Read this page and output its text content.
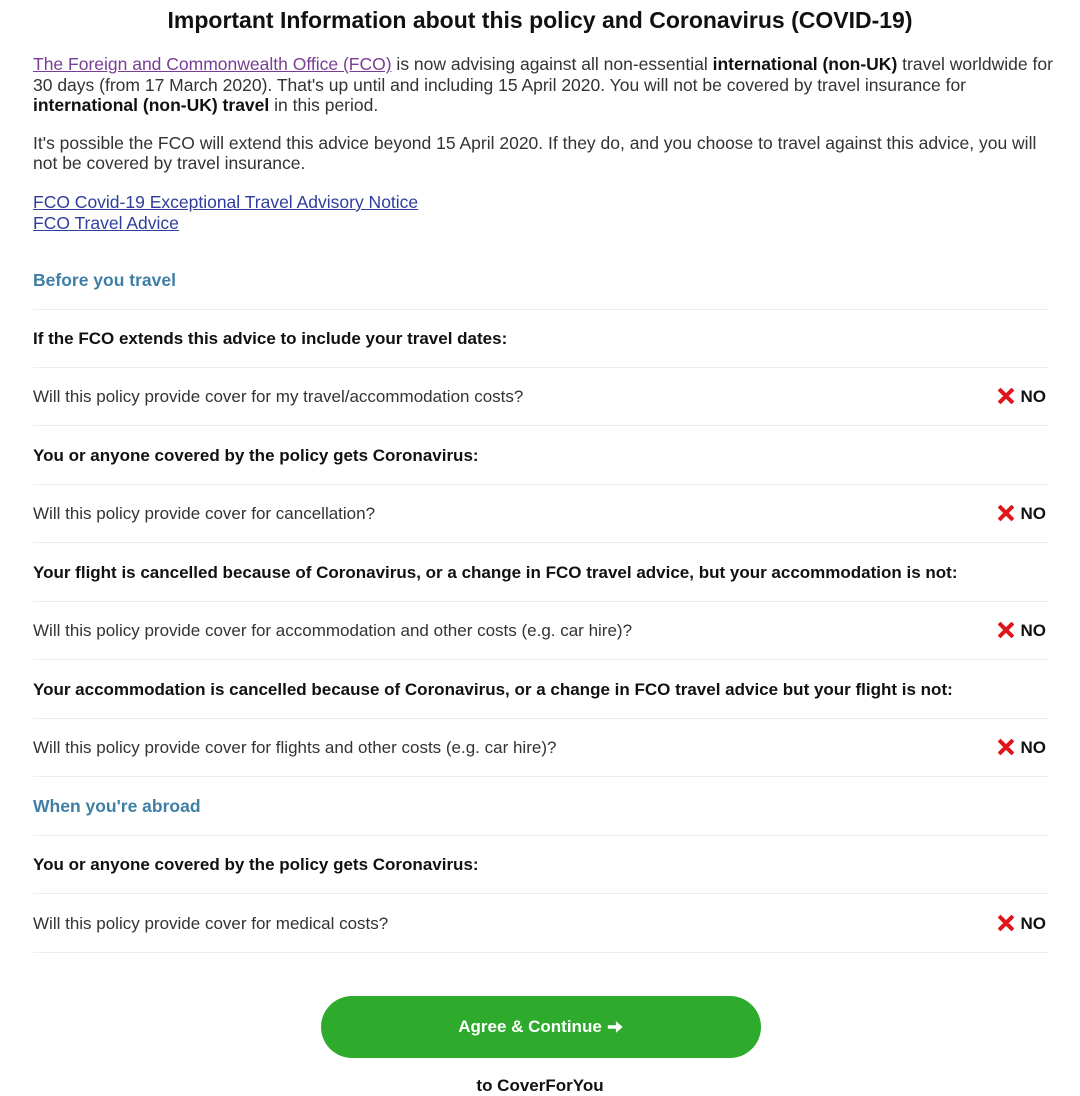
Important Information about this policy and Coronavirus (COVID-19)

The Foreign and Commonwealth Office (FCO) is now advising against all non-essential international (non-UK) travel worldwide for 30 days (from 17 March 2020). That's up until and including 15 April 2020. You will not be covered by travel insurance for international (non-UK) travel in this period.

It's possible the FCO will extend this advice beyond 15 April 2020. If they do, and you choose to travel against this advice, you will not be covered by travel insurance.

FCO Covid-19 Exceptional Travel Advisory Notice
FCO Travel Advice
Before you travel
If the FCO extends this advice to include your travel dates:
Will this policy provide cover for my travel/accommodation costs?	NO
You or anyone covered by the policy gets Coronavirus:
Will this policy provide cover for cancellation?	NO
Your flight is cancelled because of Coronavirus, or a change in FCO travel advice, but your accommodation is not:
Will this policy provide cover for accommodation and other costs (e.g. car hire)?	NO
Your accommodation is cancelled because of Coronavirus, or a change in FCO travel advice but your flight is not:
Will this policy provide cover for flights and other costs (e.g. car hire)?	NO
When you're abroad
You or anyone covered by the policy gets Coronavirus:
Will this policy provide cover for medical costs?	NO
Agree & Continue
to CoverForYou
